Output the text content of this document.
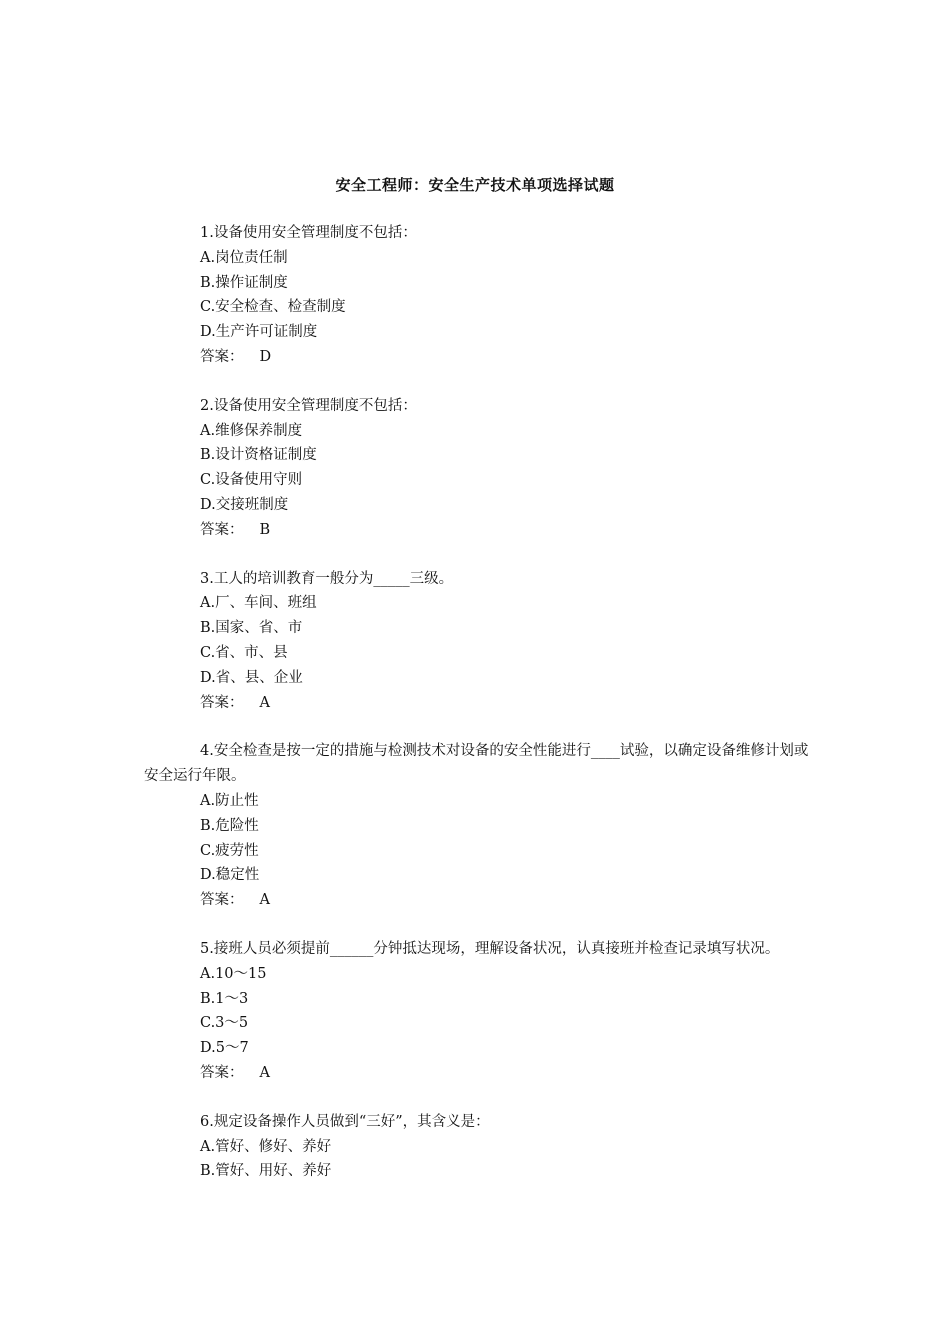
安全工程师：安全生产技术单项选择试题
1.设备使用安全管理制度不包括：
A.岗位责任制
B.操作证制度
C.安全检查、检查制度
D.生产许可证制度
答案： D
2.设备使用安全管理制度不包括：
A.维修保养制度
B.设计资格证制度
C.设备使用守则
D.交接班制度
答案： B
3.工人的培训教育一般分为_____三级。
A.厂、车间、班组
B.国家、省、市
C.省、市、县
D.省、县、企业
答案： A
4.安全检查是按一定的措施与检测技术对设备的安全性能进行____试验，以确定设备维修计划或安全运行年限。
A.防止性
B.危险性
C.疲劳性
D.稳定性
答案： A
5.接班人员必须提前______分钟抵达现场，理解设备状况，认真接班并检查记录填写状况。
A.10～15
B.1～3
C.3～5
D.5～7
答案： A
6.规定设备操作人员做到“三好”，其含义是：
A.管好、修好、养好
B.管好、用好、养好
